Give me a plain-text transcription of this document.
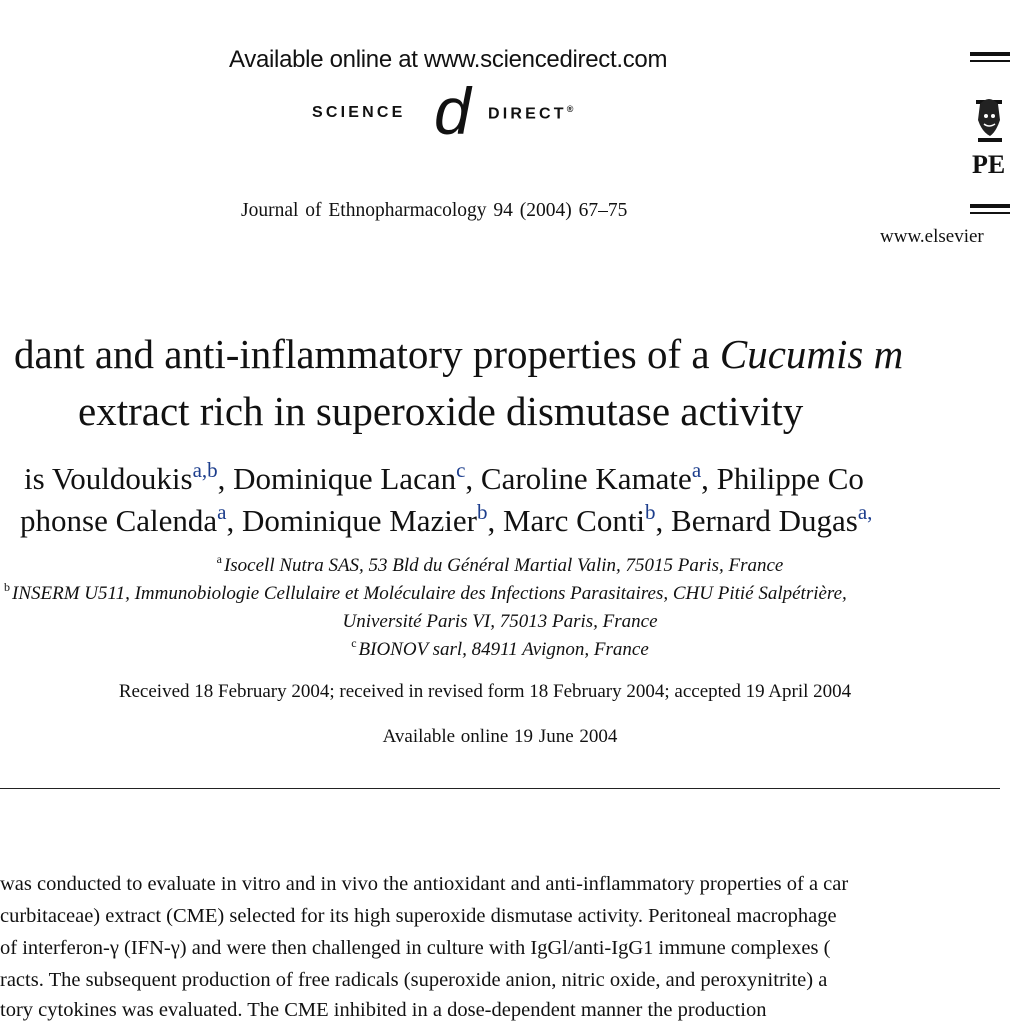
Available online at www.sciencedirect.com
SCIENCE d DIRECT®
Journal of Ethnopharmacology 94 (2004) 67–75
PE
www.elsevier
dant and anti-inflammatory properties of a Cucumis m
extract rich in superoxide dismutase activity
is Vouldoukis$^{a,b}$, Dominique Lacan$^c$, Caroline Kamate$^a$, Philippe Co
phonse Calenda$^a$, Dominique Mazier$^b$, Marc Conti$^b$, Bernard Dugas$^{a,}$
$^a$ Isocell Nutra SAS, 53 Bld du Général Martial Valin, 75015 Paris, France
$^b$ INSERM U511, Immunobiologie Cellulaire et Moléculaire des Infections Parasitaires, CHU Pitié Salpétrière,
Université Paris VI, 75013 Paris, France
$^c$ BIONOV sarl, 84911 Avignon, France
Received 18 February 2004; received in revised form 18 February 2004; accepted 19 April 2004
Available online 19 June 2004
was conducted to evaluate in vitro and in vivo the antioxidant and anti-inflammatory properties of a car
curbitaceae) extract (CME) selected for its high superoxide dismutase activity. Peritoneal macrophage
of interferon-γ (IFN-γ) and were then challenged in culture with IgGl/anti-IgG1 immune complexes (
racts. The subsequent production of free radicals (superoxide anion, nitric oxide, and peroxynitrite) a
tory cytokines was evaluated. The CME inhibited in a dose-dependent manner the production
